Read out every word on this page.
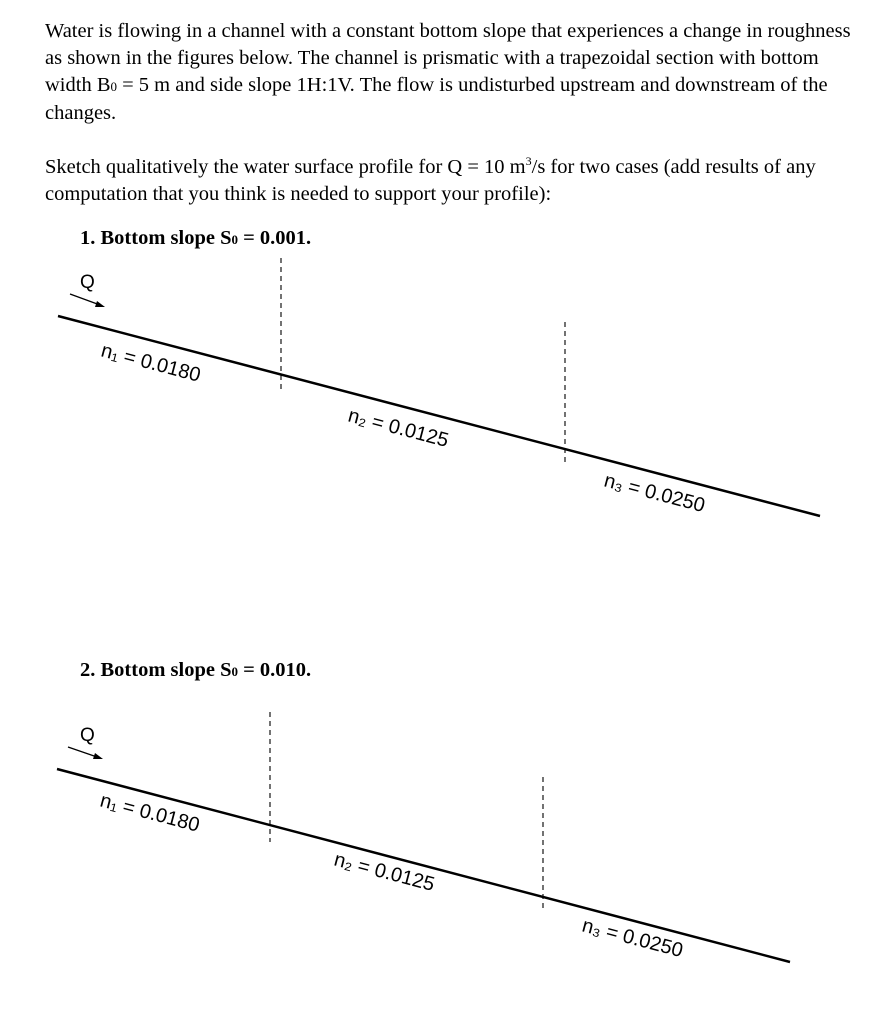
Water is flowing in a channel with a constant bottom slope that experiences a change in roughness as shown in the figures below. The channel is prismatic with a trapezoidal section with bottom width B0 = 5 m and side slope 1H:1V. The flow is undisturbed upstream and downstream of the changes.
Sketch qualitatively the water surface profile for Q = 10 $m^3/s$ for two cases (add results of any computation that you think is needed to support your profile):
1. Bottom slope S0 = 0.001.
Q
n₁ = 0.0180
n₂ = 0.0125
n₃ = 0.0250
2. Bottom slope S0 = 0.010.
Q
n₁ = 0.0180
n₂ = 0.0125
n₃ = 0.0250
